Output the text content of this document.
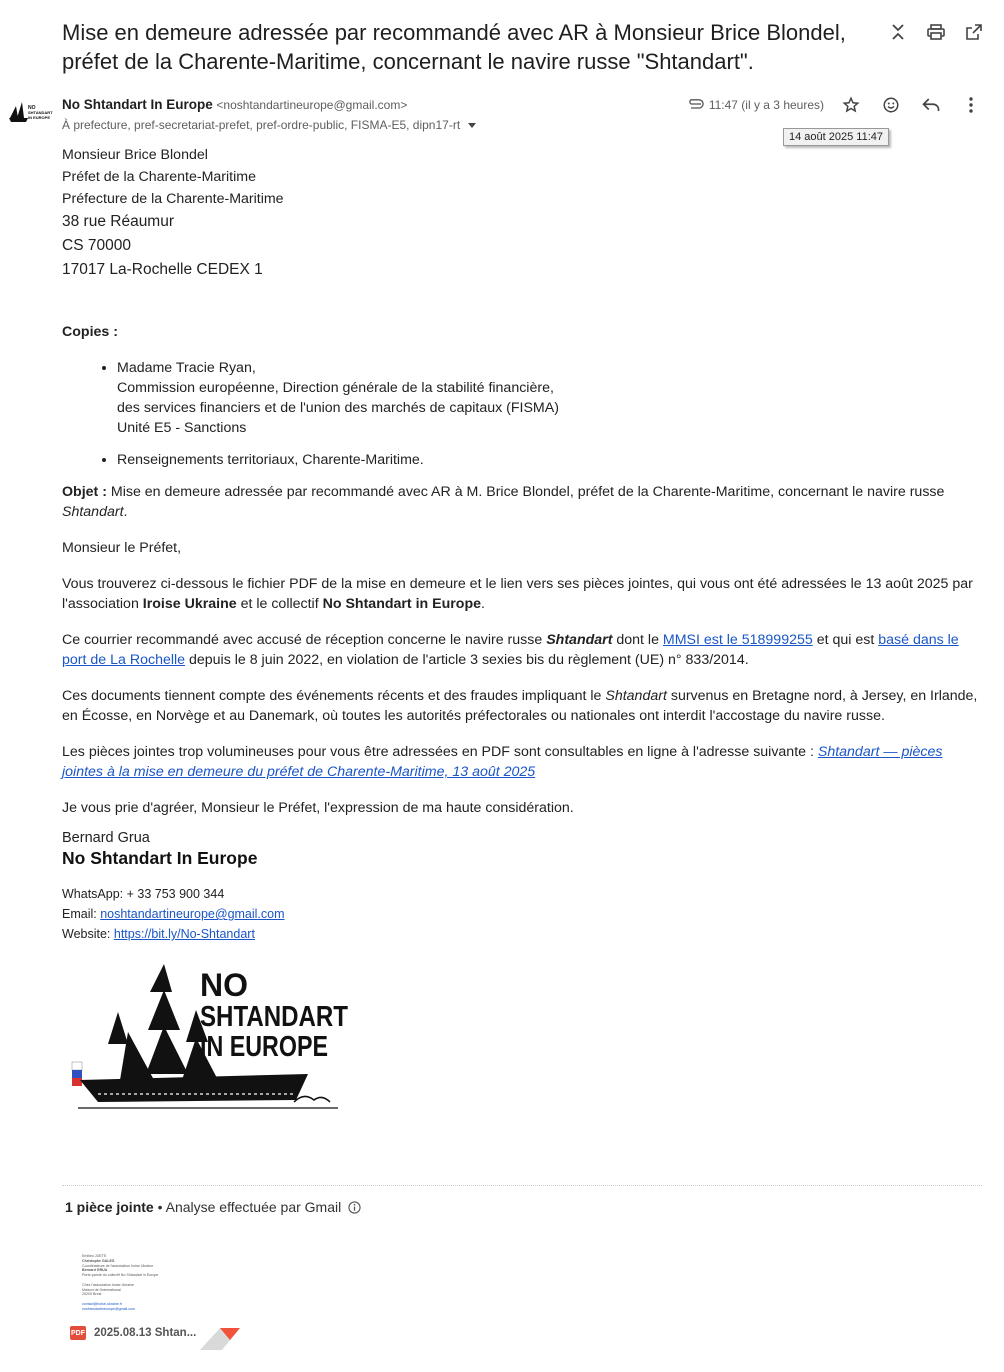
Mise en demeure adressée par recommandé avec AR à Monsieur Brice Blondel, préfet de la Charente-Maritime, concernant le navire russe "Shtandart".
NO
SHTANDART
IN EUROPE
No Shtandart In Europe <noshtandartineurope@gmail.com>
À prefecture, pref-secretariat-prefet, pref-ordre-public, FISMA-E5, dipn17-rt
11:47 (il y a 3 heures)
14 août 2025 11:47
Monsieur Brice Blondel
Préfet de la Charente-Maritime
Préfecture de la Charente-Maritime
38 rue Réaumur
CS 70000
17017 La-Rochelle CEDEX 1

Copies :

• Madame Tracie Ryan,
Commission européenne, Direction générale de la stabilité financière,
des services financiers et de l'union des marchés de capitaux (FISMA)
Unité E5 - Sanctions
• Renseignements territoriaux, Charente-Maritime.

Objet : Mise en demeure adressée par recommandé avec AR à M. Brice Blondel, préfet de la Charente-Maritime, concernant le navire russe Shtandart.

Monsieur le Préfet,

Vous trouverez ci-dessous le fichier PDF de la mise en demeure et le lien vers ses pièces jointes, qui vous ont été adressées le 13 août 2025 par l'association Iroise Ukraine et le collectif No Shtandart in Europe.

Ce courrier recommandé avec accusé de réception concerne le navire russe Shtandart dont le MMSI est le 518999255 et qui est basé dans le port de La Rochelle depuis le 8 juin 2022, en violation de l'article 3 sexies bis du règlement (UE) n° 833/2014.

Ces documents tiennent compte des événements récents et des fraudes impliquant le Shtandart survenus en Bretagne nord, à Jersey, en Irlande, en Écosse, en Norvège et au Danemark, où toutes les autorités préfectorales ou nationales ont interdit l'accostage du navire russe.

Les pièces jointes trop volumineuses pour vous être adressées en PDF sont consultables en ligne à l'adresse suivante : Shtandart — pièces jointes à la mise en demeure du préfet de Charente-Maritime, 13 août 2025

Je vous prie d'agréer, Monsieur le Préfet, l'expression de ma haute considération.

Bernard Grua
No Shtandart In Europe
WhatsApp: + 33 753 900 344
Email: noshtandartineurope@gmail.com
Website: https://bit.ly/No-Shtandart
NO
SHTANDART
IN EUROPE
1 pièce jointe • Analyse effectuée par Gmail
Emilieu JOETE
Christophe GALES
Coordinateurs de l'association Iroise Ukraine
Bernard GRUA
Porte-parole du collectif No Shtandart in Europe

Chez l'association Iroise Ukraine
Maison de l'International
29200 Brest

contact@iroise-ukraine.fr
noshtandartineurope@gmail.com
PDF 2025.08.13 Shtan...
